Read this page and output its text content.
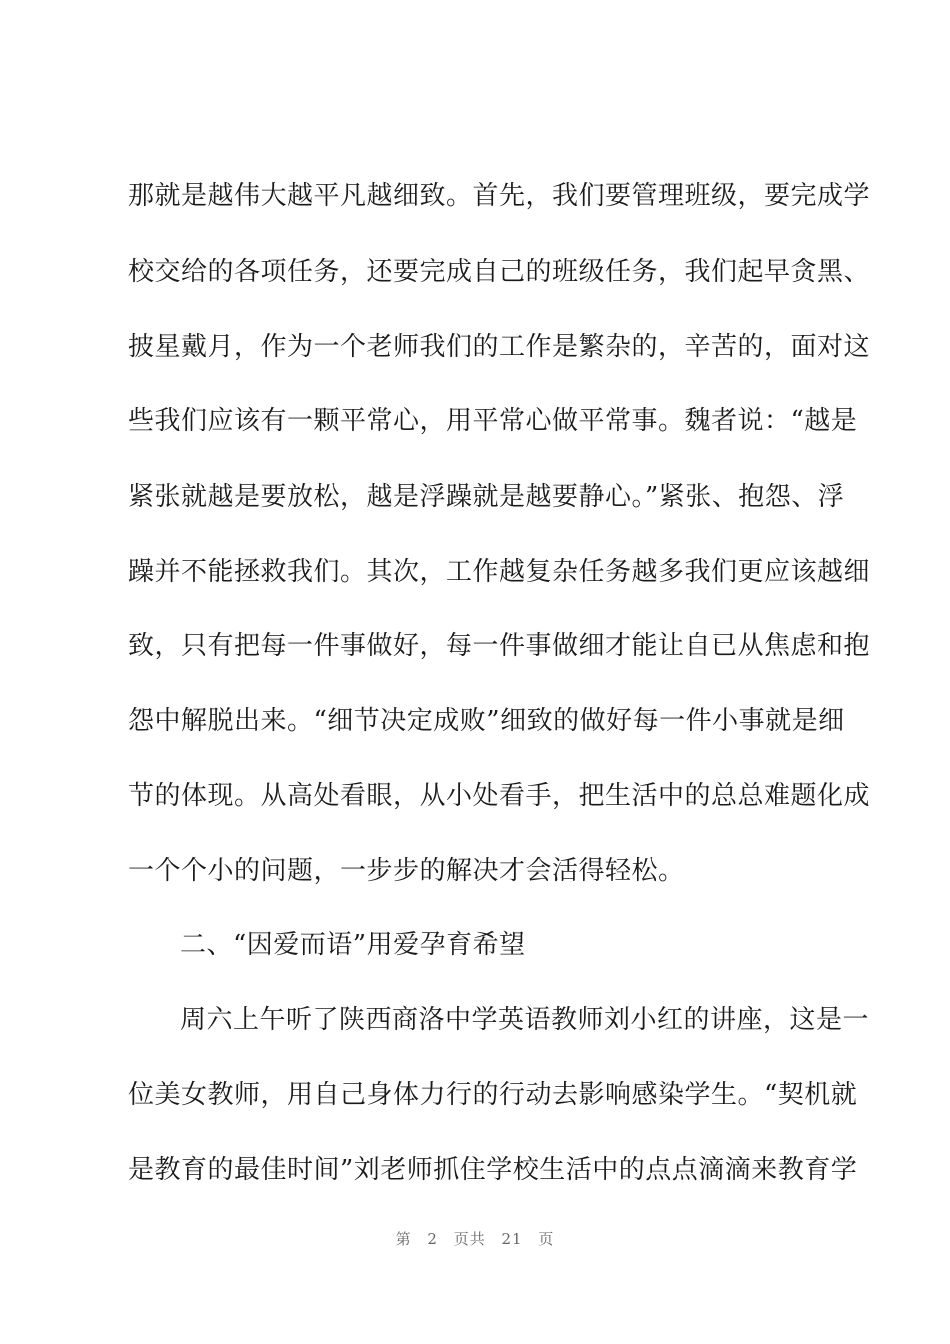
那就是越伟大越平凡越细致。首先，我们要管理班级，要完成学
校交给的各项任务，还要完成自己的班级任务，我们起早贪黑、
披星戴月，作为一个老师我们的工作是繁杂的，辛苦的，面对这
些我们应该有一颗平常心，用平常心做平常事。魏者说：“越是
紧张就越是要放松，越是浮躁就是越要静心。”紧张、抱怨、浮
躁并不能拯救我们。其次，工作越复杂任务越多我们更应该越细
致，只有把每一件事做好，每一件事做细才能让自已从焦虑和抱
怨中解脱出来。“细节决定成败”细致的做好每一件小事就是细
节的体现。从高处看眼，从小处看手，把生活中的总总难题化成
一个个小的问题，一步步的解决才会活得轻松。
二、“因爱而语”用爱孕育希望
周六上午听了陕西商洛中学英语教师刘小红的讲座，这是一
位美女教师，用自己身体力行的行动去影响感染学生。“契机就
是教育的最佳时间”刘老师抓住学校生活中的点点滴滴来教育学
第 2 页共 21 页
